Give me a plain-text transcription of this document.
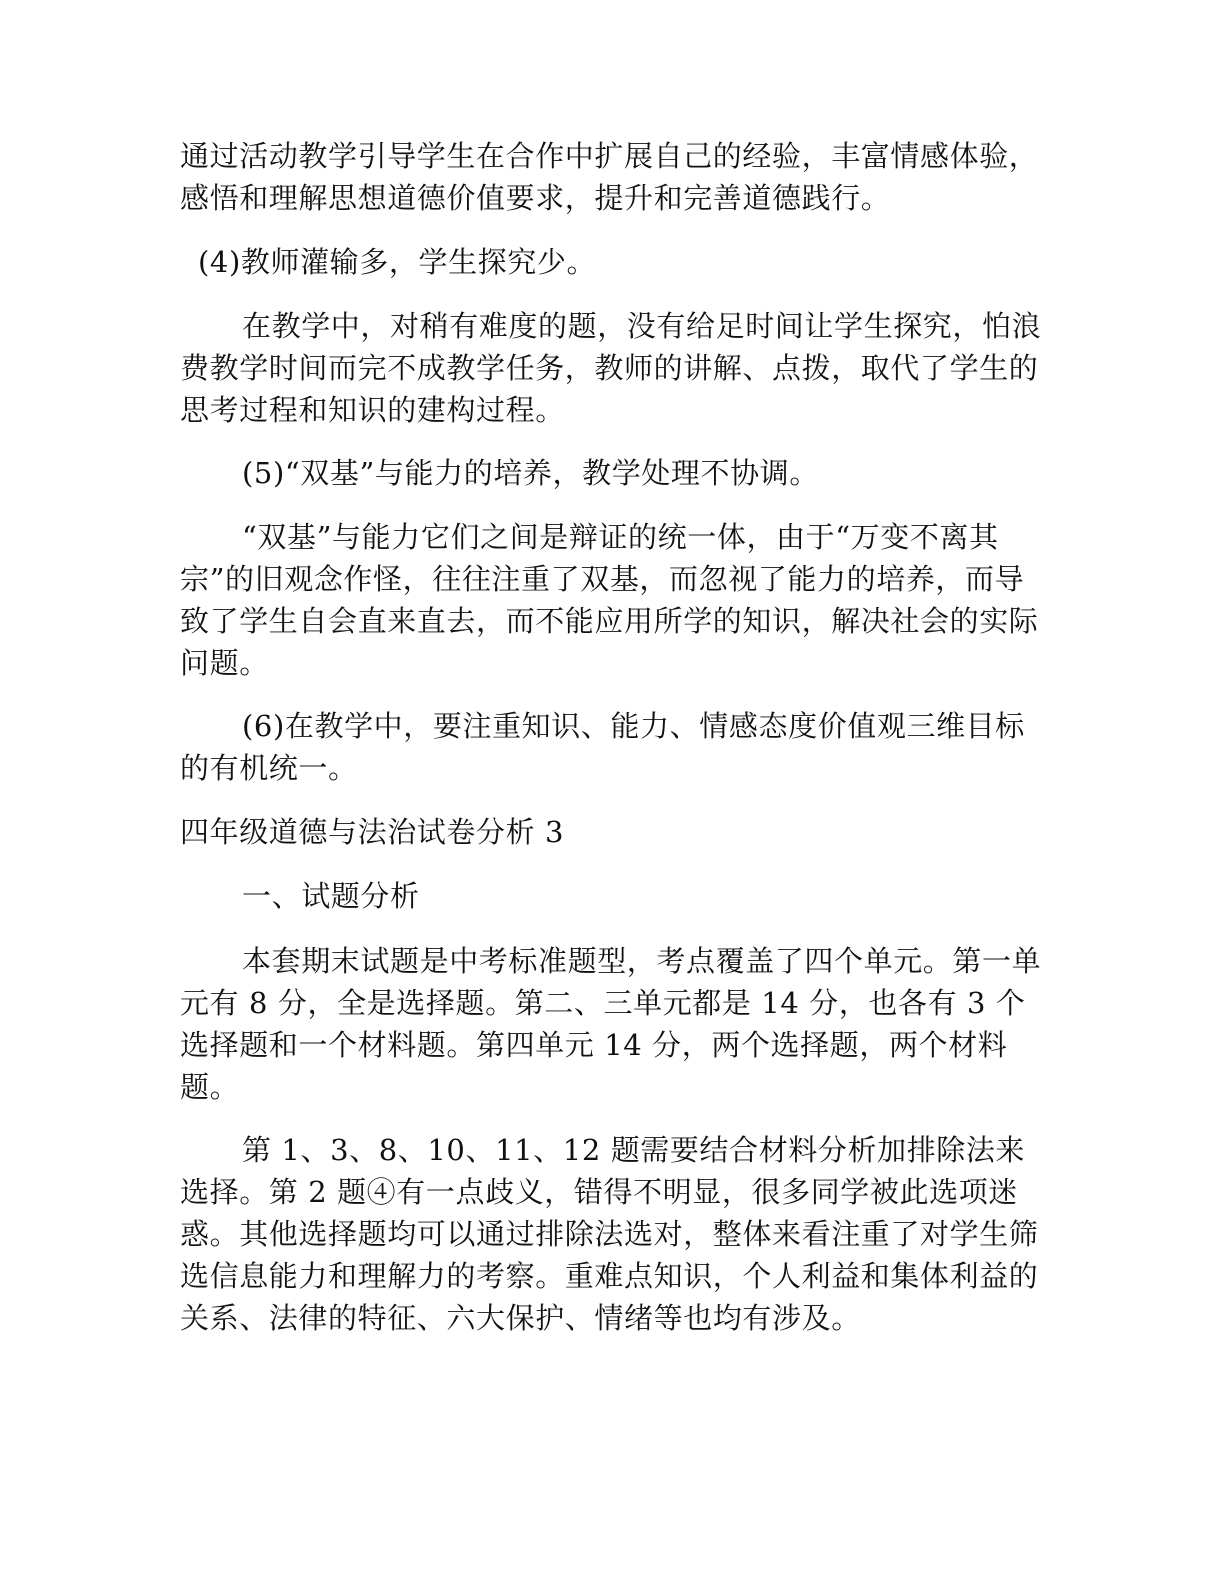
通过活动教学引导学生在合作中扩展自己的经验，丰富情感体验，感悟和理解思想道德价值要求，提升和完善道德践行。

(4)教师灌输多，学生探究少。

在教学中，对稍有难度的题，没有给足时间让学生探究，怕浪费教学时间而完不成教学任务，教师的讲解、点拨，取代了学生的思考过程和知识的建构过程。

(5)“双基”与能力的培养，教学处理不协调。

“双基”与能力它们之间是辩证的统一体，由于“万变不离其宗”的旧观念作怪，往往注重了双基，而忽视了能力的培养，而导致了学生自会直来直去，而不能应用所学的知识，解决社会的实际问题。

(6)在教学中，要注重知识、能力、情感态度价值观三维目标的有机统一。

四年级道德与法治试卷分析 3

一、试题分析

本套期末试题是中考标准题型，考点覆盖了四个单元。第一单元有 8 分，全是选择题。第二、三单元都是 14 分，也各有 3 个选择题和一个材料题。第四单元 14 分，两个选择题，两个材料题。

第 1、3、8、10、11、12 题需要结合材料分析加排除法来选择。第 2 题④有一点歧义，错得不明显，很多同学被此选项迷惑。其他选择题均可以通过排除法选对，整体来看注重了对学生筛选信息能力和理解力的考察。重难点知识，个人利益和集体利益的关系、法律的特征、六大保护、情绪等也均有涉及。
